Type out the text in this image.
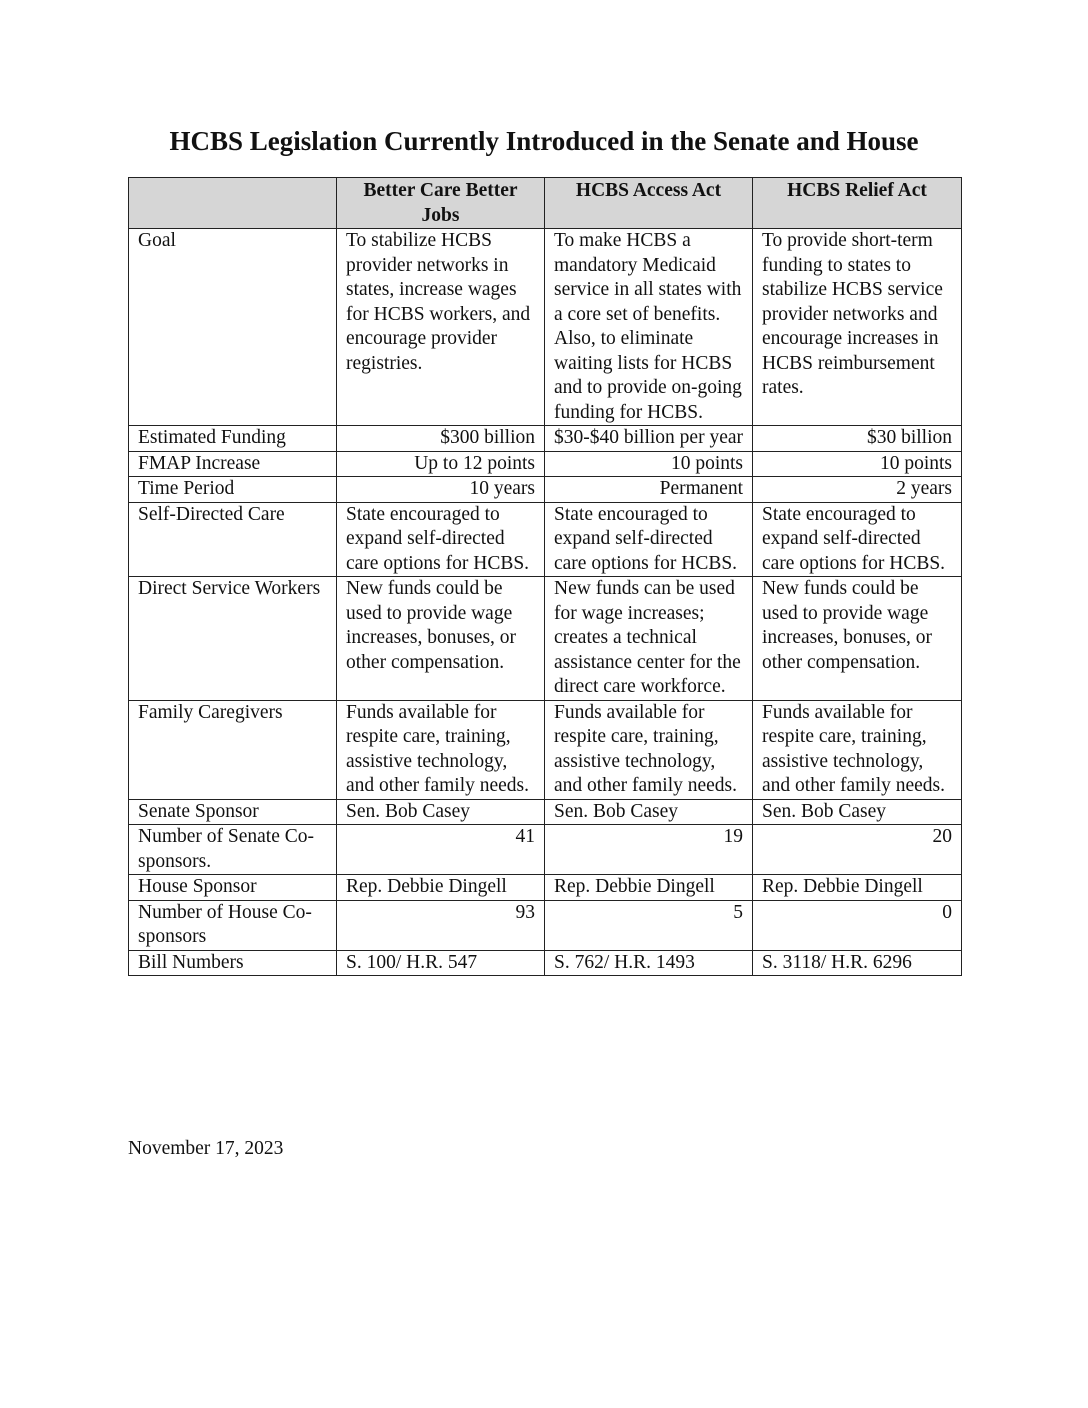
HCBS Legislation Currently Introduced in the Senate and House
	Better Care Better Jobs	HCBS Access Act	HCBS Relief Act
Goal	To stabilize HCBS provider networks in states, increase wages for HCBS workers, and encourage provider registries.	To make HCBS a mandatory Medicaid service in all states with a core set of benefits. Also, to eliminate waiting lists for HCBS and to provide on-going funding for HCBS.	To provide short-term funding to states to stabilize HCBS service provider networks and encourage increases in HCBS reimbursement rates.
Estimated Funding	$300 billion	$30-$40 billion per year	$30 billion
FMAP Increase	Up to 12 points	10 points	10 points
Time Period	10 years	Permanent	2 years
Self-Directed Care	State encouraged to expand self-directed care options for HCBS.	State encouraged to expand self-directed care options for HCBS.	State encouraged to expand self-directed care options for HCBS.
Direct Service Workers	New funds could be used to provide wage increases, bonuses, or other compensation.	New funds can be used for wage increases; creates a technical assistance center for the direct care workforce.	New funds could be used to provide wage increases, bonuses, or other compensation.
Family Caregivers	Funds available for respite care, training, assistive technology, and other family needs.	Funds available for respite care, training, assistive technology, and other family needs.	Funds available for respite care, training, assistive technology, and other family needs.
Senate Sponsor	Sen. Bob Casey	Sen. Bob Casey	Sen. Bob Casey
Number of Senate Co-sponsors.	41	19	20
House Sponsor	Rep. Debbie Dingell	Rep. Debbie Dingell	Rep. Debbie Dingell
Number of House Co-sponsors	93	5	0
Bill Numbers	S. 100/ H.R. 547	S. 762/ H.R. 1493	S. 3118/ H.R. 6296
November 17, 2023
